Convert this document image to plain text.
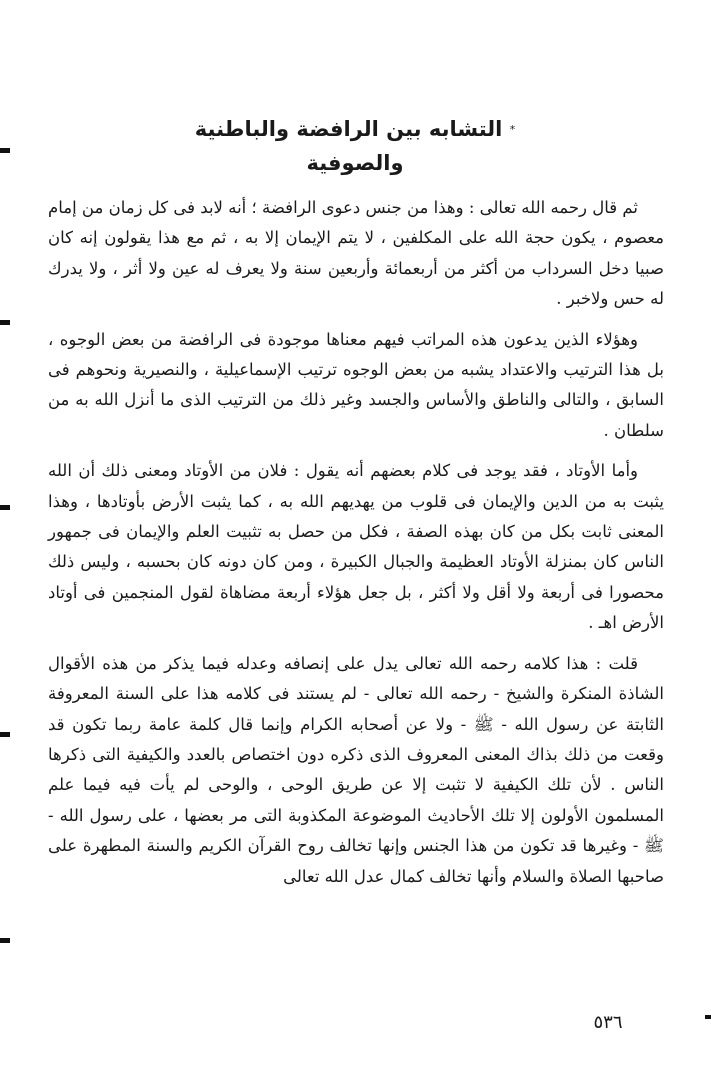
* التشابه بين الرافضة والباطنية
والصوفية

ثم قال رحمه الله تعالى : وهذا من جنس دعوى الرافضة ؛ أنه لابد فى كل زمان من إمام معصوم ، يكون حجة الله على المكلفين ، لا يتم الإيمان إلا به ، ثم مع هذا يقولون إنه كان صبيا دخل السرداب من أكثر من أربعمائة وأربعين سنة ولا يعرف له عين ولا أثر ، ولا يدرك له حس ولاخبر .

وهؤلاء الذين يدعون هذه المراتب فيهم معناها موجودة فى الرافضة من بعض الوجوه ، بل هذا الترتيب والاعتداد يشبه من بعض الوجوه ترتيب الإسماعيلية ، والنصيرية ونحوهم فى السابق ، والتالى والناطق والأساس والجسد وغير ذلك من الترتيب الذى ما أنزل الله به من سلطان .

وأما الأوتاد ، فقد يوجد فى كلام بعضهم أنه يقول : فلان من الأوتاد ومعنى ذلك أن الله يثبت به من الدين والإيمان فى قلوب من يهديهم الله به ، كما يثبت الأرض بأوتادها ، وهذا المعنى ثابت بكل من كان بهذه الصفة ، فكل من حصل به تثبيت العلم والإيمان فى جمهور الناس كان بمنزلة الأوتاد العظيمة والجبال الكبيرة ، ومن كان دونه كان بحسبه ، وليس ذلك محصورا فى أربعة ولا أقل ولا أكثر ، بل جعل هؤلاء أربعة مضاهاة لقول المنجمين فى أوتاد الأرض اهـ .

قلت : هذا كلامه رحمه الله تعالى يدل على إنصافه وعدله فيما يذكر من هذه الأقوال الشاذة المنكرة والشيخ - رحمه الله تعالى - لم يستند فى كلامه هذا على السنة المعروفة الثابتة عن رسول الله - ﷺ - ولا عن أصحابه الكرام وإنما قال كلمة عامة ربما تكون قد وقعت من ذلك بذاك المعنى المعروف الذى ذكره دون اختصاص بالعدد والكيفية التى ذكرها الناس . لأن تلك الكيفية لا تثبت إلا عن طريق الوحى ، والوحى لم يأت فيه فيما علم المسلمون الأولون إلا تلك الأحاديث الموضوعة المكذوبة التى مر بعضها ، على رسول الله - ﷺ - وغيرها قد تكون من هذا الجنس وإنها تخالف روح القرآن الكريم والسنة المطهرة على صاحبها الصلاة والسلام وأنها تخالف كمال عدل الله تعالى

٥٣٦
